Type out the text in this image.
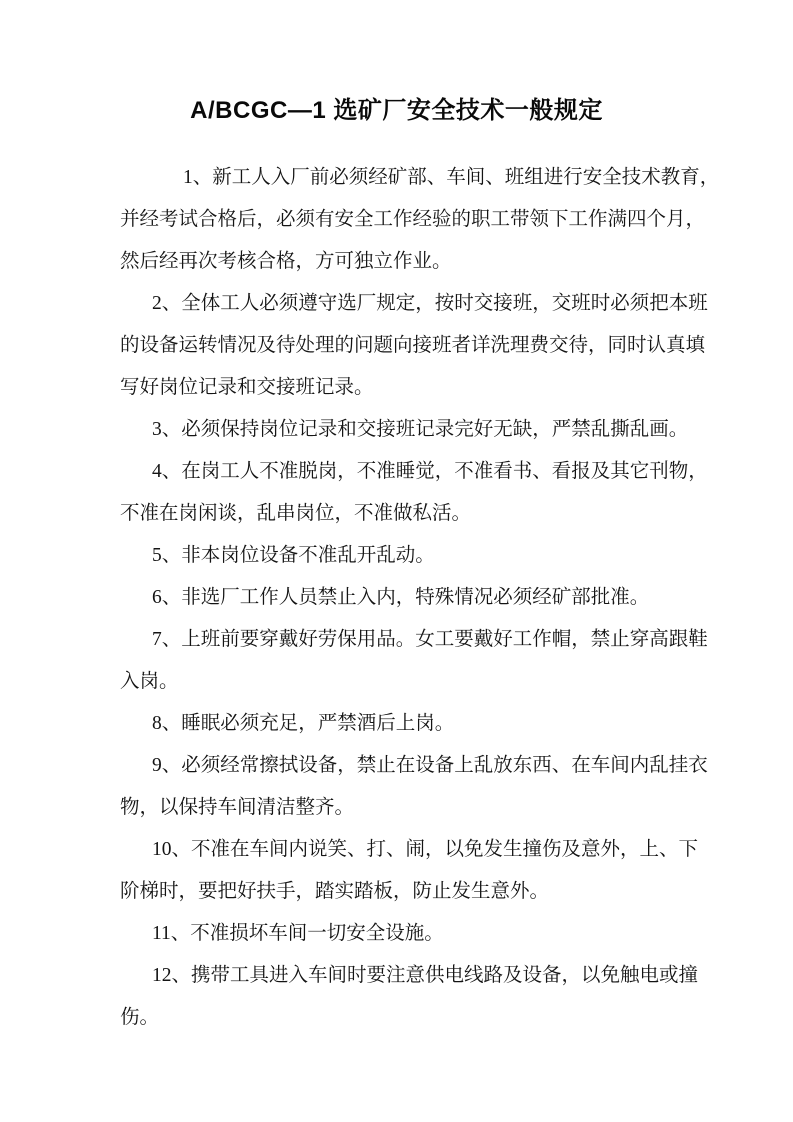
A/BCGC—1 选矿厂安全技术一般规定
1、新工人入厂前必须经矿部、车间、班组进行安全技术教育，
并经考试合格后，必须有安全工作经验的职工带领下工作满四个月，
然后经再次考核合格，方可独立作业。
2、全体工人必须遵守选厂规定，按时交接班，交班时必须把本班
的设备运转情况及待处理的问题向接班者详洗理费交待，同时认真填
写好岗位记录和交接班记录。
3、必须保持岗位记录和交接班记录完好无缺，严禁乱撕乱画。
4、在岗工人不准脱岗，不准睡觉，不准看书、看报及其它刊物，
不准在岗闲谈，乱串岗位，不准做私活。
5、非本岗位设备不准乱开乱动。
6、非选厂工作人员禁止入内，特殊情况必须经矿部批准。
7、上班前要穿戴好劳保用品。女工要戴好工作帽，禁止穿高跟鞋
入岗。
8、睡眠必须充足，严禁酒后上岗。
9、必须经常擦拭设备，禁止在设备上乱放东西、在车间内乱挂衣
物，以保持车间清洁整齐。
10、不准在车间内说笑、打、闹，以免发生撞伤及意外，上、下
阶梯时，要把好扶手，踏实踏板，防止发生意外。
11、不准损坏车间一切安全设施。
12、携带工具进入车间时要注意供电线路及设备，以免触电或撞
伤。
